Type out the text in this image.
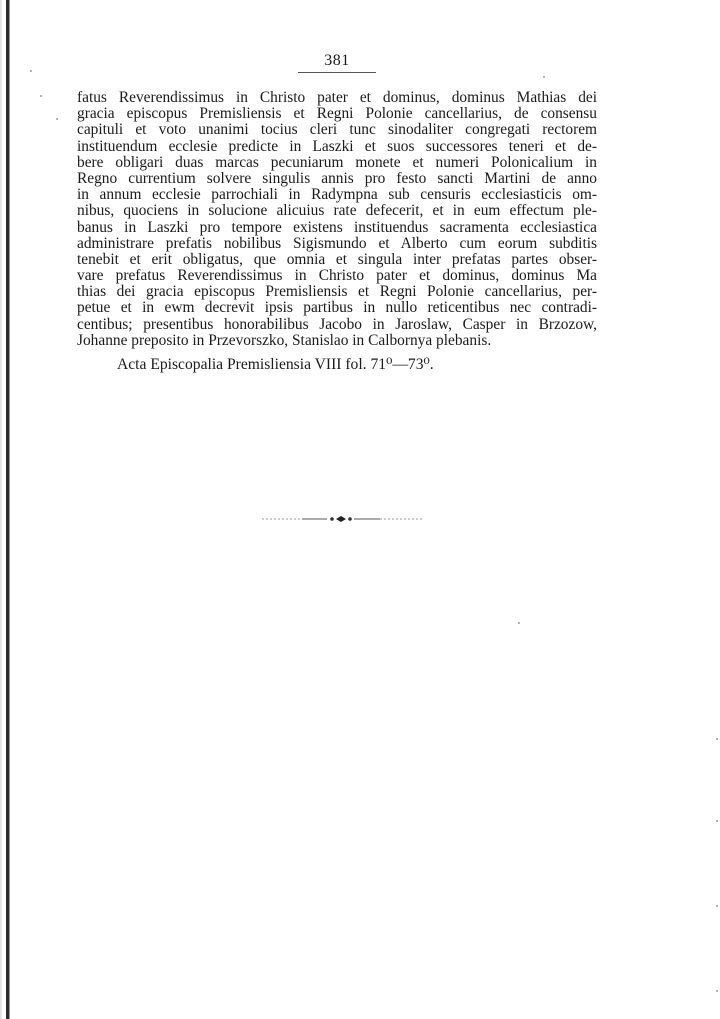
381
fatus Reverendissimus in Christo pater et dominus, dominus Mathias dei
gracia episcopus Premisliensis et Regni Polonie cancellarius, de consensu
capituli et voto unanimi tocius cleri tunc sinodaliter congregati rectorem
instituendum ecclesie predicte in Laszki et suos successores teneri et de-
bere obligari duas marcas pecuniarum monete et numeri Polonicalium in
Regno currentium solvere singulis annis pro festo sancti Martini de anno
in annum ecclesie parrochiali in Radympna sub censuris ecclesiasticis om-
nibus, quociens in solucione alicuius rate defecerit, et in eum effectum ple-
banus in Laszki pro tempore existens instituendus sacramenta ecclesiastica
administrare prefatis nobilibus Sigismundo et Alberto cum eorum subditis
tenebit et erit obligatus, que omnia et singula inter prefatas partes obser-
vare prefatus Reverendissimus in Christo pater et dominus, dominus Ma
thias dei gracia episcopus Premisliensis et Regni Polonie cancellarius, per-
petue et in ewm decrevit ipsis partibus in nullo reticentibus nec contradi-
centibus; presentibus honorabilibus Jacobo in Jaroslaw, Casper in Brzozow,
Johanne preposito in Przevorszko, Stanislao in Calbornya plebanis.
Acta Episcopalia Premisliensia VIII fol. 71⁰—73⁰.
